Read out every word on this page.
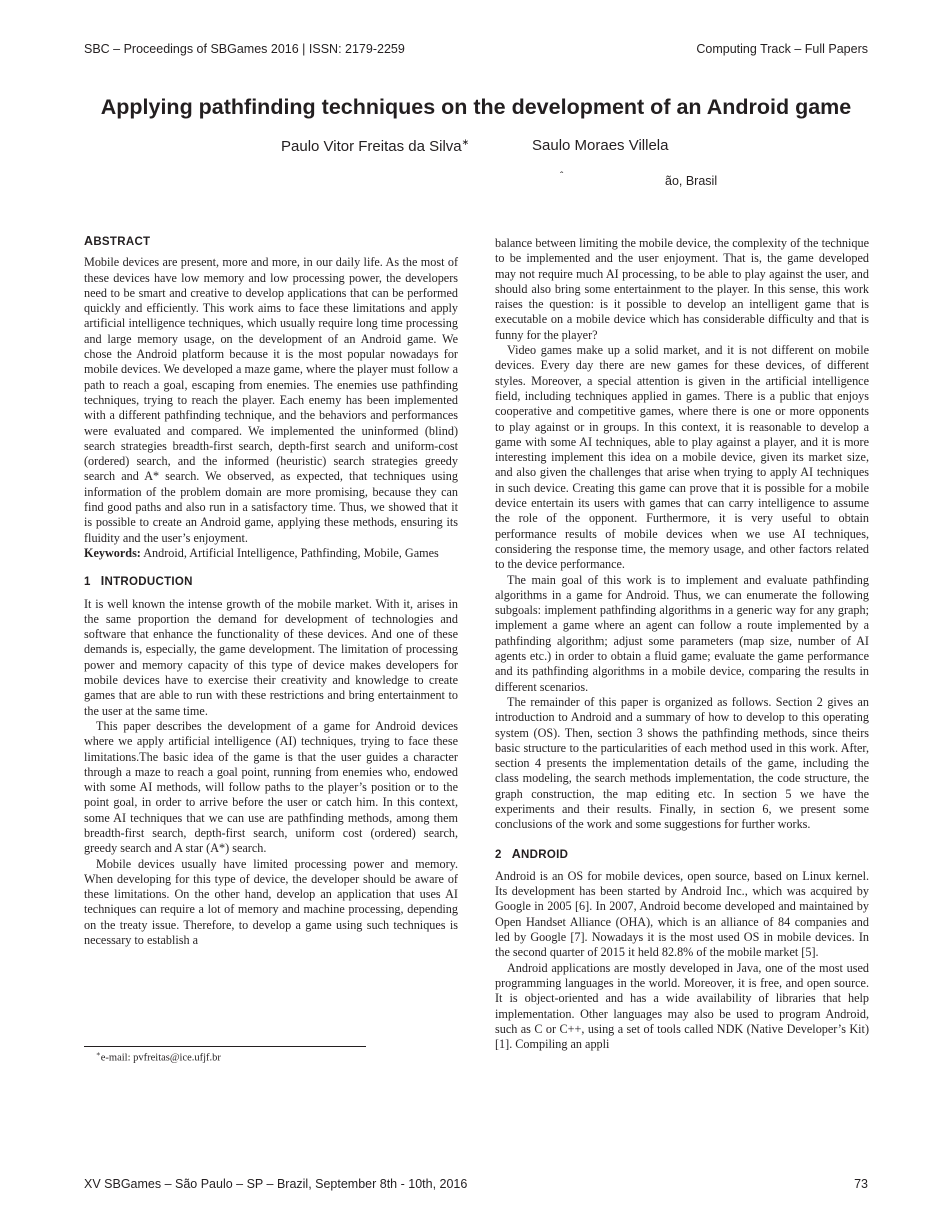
SBC – Proceedings of SBGames 2016 | ISSN: 2179-2259	Computing Track – Full Papers
Applying pathfinding techniques on the development of an Android game
Paulo Vitor Freitas da Silva∗	Saulo Moraes Villela
ˆ	ão, Brasil
ABSTRACT

Mobile devices are present, more and more, in our daily life. As the most of these devices have low memory and low processing power, the developers need to be smart and creative to develop applications that can be performed quickly and efficiently. This work aims to face these limitations and apply artificial intelligence techniques, which usually require long time processing and large memory usage, on the development of an Android game. We chose the Android platform because it is the most popular nowadays for mobile devices. We developed a maze game, where the player must follow a path to reach a goal, escaping from enemies. The enemies use pathfinding techniques, trying to reach the player. Each enemy has been implemented with a different pathfinding technique, and the behaviors and performances were evaluated and compared. We implemented the uninformed (blind) search strategies breadth-first search, depth-first search and uniform-cost (ordered) search, and the informed (heuristic) search strategies greedy search and A* search. We observed, as expected, that techniques using information of the problem domain are more promising, because they can find good paths and also run in a satisfactory time. Thus, we showed that it is possible to create an Android game, applying these methods, ensuring its fluidity and the user’s enjoyment.

Keywords: Android, Artificial Intelligence, Pathfinding, Mobile, Games

1 INTRODUCTION

It is well known the intense growth of the mobile market. With it, arises in the same proportion the demand for development of technologies and software that enhance the functionality of these devices. And one of these demands is, especially, the game development. The limitation of processing power and memory capacity of this type of device makes developers for mobile devices have to exercise their creativity and knowledge to create games that are able to run with these restrictions and bring entertainment to the user at the same time.

This paper describes the development of a game for Android devices where we apply artificial intelligence (AI) techniques, trying to face these limitations.The basic idea of the game is that the user guides a character through a maze to reach a goal point, running from enemies who, endowed with some AI methods, will follow paths to the player’s position or to the point goal, in order to arrive before the user or catch him. In this context, some AI techniques that we can use are pathfinding methods, among them breadth-first search, depth-first search, uniform cost (ordered) search, greedy search and A star (A*) search.

Mobile devices usually have limited processing power and memory. When developing for this type of device, the developer should be aware of these limitations. On the other hand, develop an application that uses AI techniques can require a lot of memory and machine processing, depending on the treaty issue. Therefore, to develop a game using such techniques is necessary to establish a

balance between limiting the mobile device, the complexity of the technique to be implemented and the user enjoyment. That is, the game developed may not require much AI processing, to be able to play against the user, and should also bring some entertainment to the player. In this sense, this work raises the question: is it possible to develop an intelligent game that is executable on a mobile device which has considerable difficulty and that is funny for the player?

Video games make up a solid market, and it is not different on mobile devices. Every day there are new games for these devices, of different styles. Moreover, a special attention is given in the artificial intelligence field, including techniques applied in games. There is a public that enjoys cooperative and competitive games, where there is one or more opponents to play against or in groups. In this context, it is reasonable to develop a game with some AI techniques, able to play against a player, and it is more interesting implement this idea on a mobile device, given its market size, and also given the challenges that arise when trying to apply AI techniques in such device. Creating this game can prove that it is possible for a mobile device entertain its users with games that can carry intelligence to assume the role of the opponent. Furthermore, it is very useful to obtain performance results of mobile devices when we use AI techniques, considering the response time, the memory usage, and other factors related to the device performance.

The main goal of this work is to implement and evaluate pathfinding algorithms in a game for Android. Thus, we can enumerate the following subgoals: implement pathfinding algorithms in a generic way for any graph; implement a game where an agent can follow a route implemented by a pathfinding algorithm; adjust some parameters (map size, number of AI agents etc.) in order to obtain a fluid game; evaluate the game performance and its pathfinding algorithms in a mobile device, comparing the results in different scenarios.

The remainder of this paper is organized as follows. Section 2 gives an introduction to Android and a summary of how to develop to this operating system (OS). Then, section 3 shows the pathfinding methods, since theirs basic structure to the particularities of each method used in this work. After, section 4 presents the implementation details of the game, including the class modeling, the search methods implementation, the code structure, the graph construction, the map editing etc. In section 5 we have the experiments and their results. Finally, in section 6, we present some conclusions of the work and some suggestions for further works.

2 ANDROID

Android is an OS for mobile devices, open source, based on Linux kernel. Its development has been started by Android Inc., which was acquired by Google in 2005 [6]. In 2007, Android become developed and maintained by Open Handset Alliance (OHA), which is an alliance of 84 companies and led by Google [7]. Nowadays it is the most used OS in mobile devices. In the second quarter of 2015 it held 82.8% of the mobile market [5].

Android applications are mostly developed in Java, one of the most used programming languages in the world. Moreover, it is free, and open source. It is object-oriented and has a wide availability of libraries that help implementation. Other languages may also be used to program Android, such as C or C++, using a set of tools called NDK (Native Developer’s Kit) [1]. Compiling an appli

∗e-mail: pvfreitas@ice.ufjf.br
XV SBGames – São Paulo – SP – Brazil, September 8th - 10th, 2016	73
